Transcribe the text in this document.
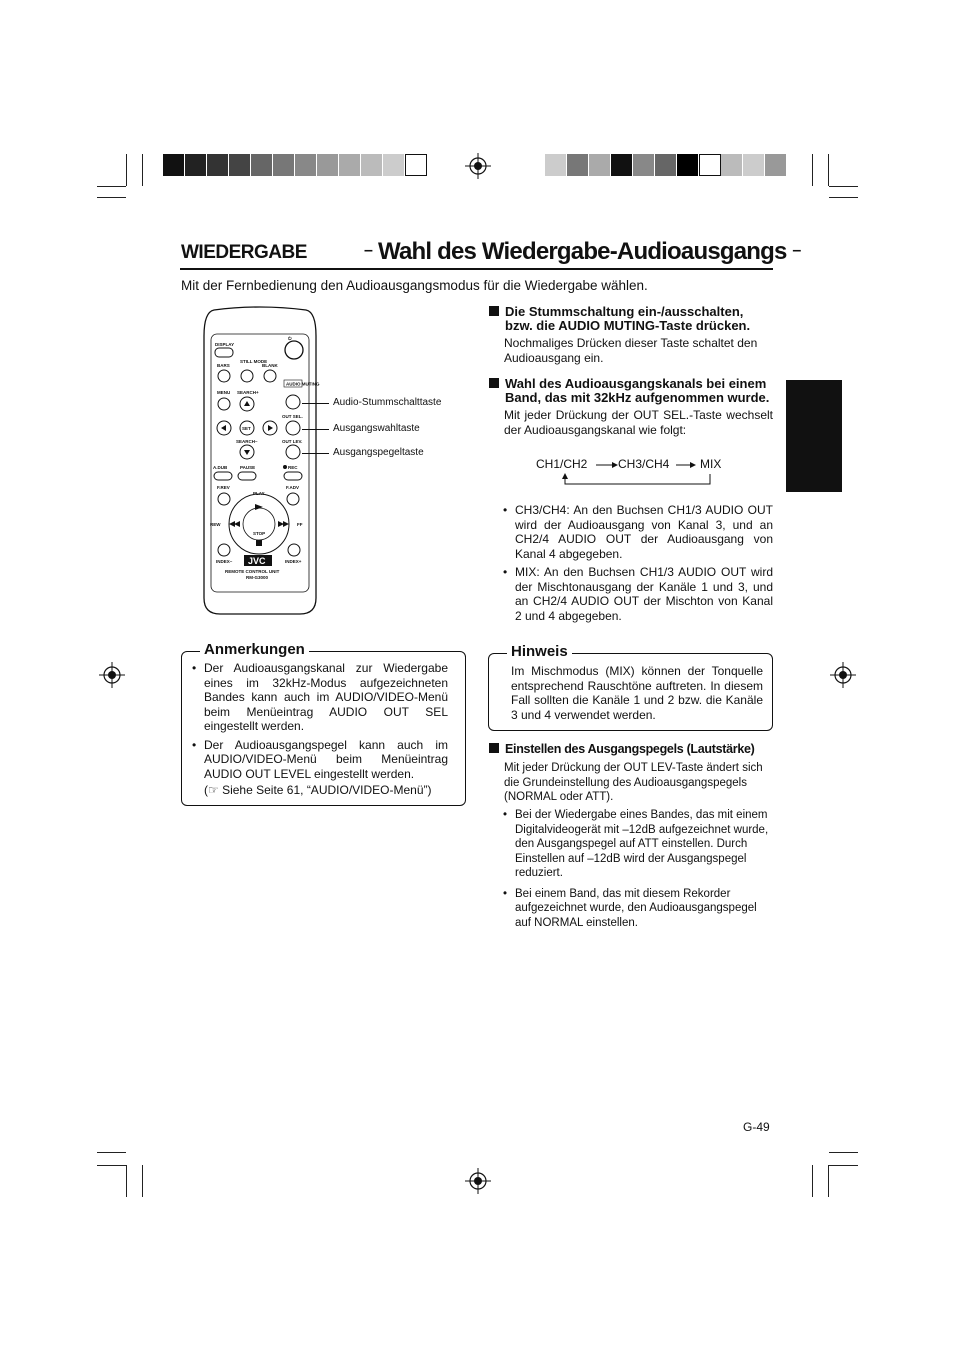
WIEDERGABE	– Wahl des Wiedergabe-Audioausgangs –
Mit der Fernbedienung den Audioausgangsmodus für die Wiedergabe wählen.
⏻
DISPLAY
BARS
STILL MODE
BLANK
AUDIO MUTING
MENU SEARCH+
OUT SEL.
SET
SEARCH–	OUT LEV.
A.DUB	PAUSE	REC
F.REV	F.ADV
PLAY
REW	FF
STOP
INDEX–	INDEX+
JVC
REMOTE CONTROL UNIT
RM-G3000
Audio-Stummschalttaste
Ausgangswahltaste
Ausgangspegeltaste
Die Stummschaltung ein-/ausschalten, bzw. die AUDIO MUTING-Taste drücken.
Nochmaliges Drücken dieser Taste schaltet den Audioausgang ein.
Wahl des Audioausgangskanals bei einem Band, das mit 32kHz aufgenommen wurde.
Mit jeder Drückung der OUT SEL.-Taste wechselt der Audioausgangskanal wie folgt:
CH1/CH2	CH3/CH4	MIX
• CH3/CH4: An den Buchsen CH1/3 AUDIO OUT wird der Audioausgang von Kanal 3, und an CH2/4 AUDIO OUT der Audioausgang von Kanal 4 abgegeben.
• MIX: An den Buchsen CH1/3 AUDIO OUT wird der Mischtonausgang der Kanäle 1 und 3, und an CH2/4 AUDIO OUT der Mischton von Kanal 2 und 4 abgegeben.
Anmerkungen
• Der Audioausgangskanal zur Wiedergabe eines im 32kHz-Modus aufgezeichneten Bandes kann auch im AUDIO/VIDEO-Menü beim Menüeintrag AUDIO OUT SEL eingestellt werden.
• Der Audioausgangspegel kann auch im AUDIO/VIDEO-Menü beim Menüeintrag AUDIO OUT LEVEL eingestellt werden.
(☞ Siehe Seite 61, “AUDIO/VIDEO-Menü”)
Hinweis
Im Mischmodus (MIX) können der Tonquelle entsprechend Rauschtöne auftreten. In diesem Fall sollten die Kanäle 1 und 2 bzw. die Kanäle 3 und 4 verwendet werden.
Einstellen des Ausgangspegels (Lautstärke)
Mit jeder Drückung der OUT LEV-Taste ändert sich die Grundeinstellung des Audioausgangspegels (NORMAL oder ATT).
• Bei der Wiedergabe eines Bandes, das mit einem Digitalvideogerät mit –12dB aufgezeichnet wurde, den Ausgangspegel auf ATT einstellen. Durch Einstellen auf –12dB wird der Ausgangspegel reduziert.
• Bei einem Band, das mit diesem Rekorder aufgezeichnet wurde, den Audioausgangspegel auf NORMAL einstellen.
G-49
